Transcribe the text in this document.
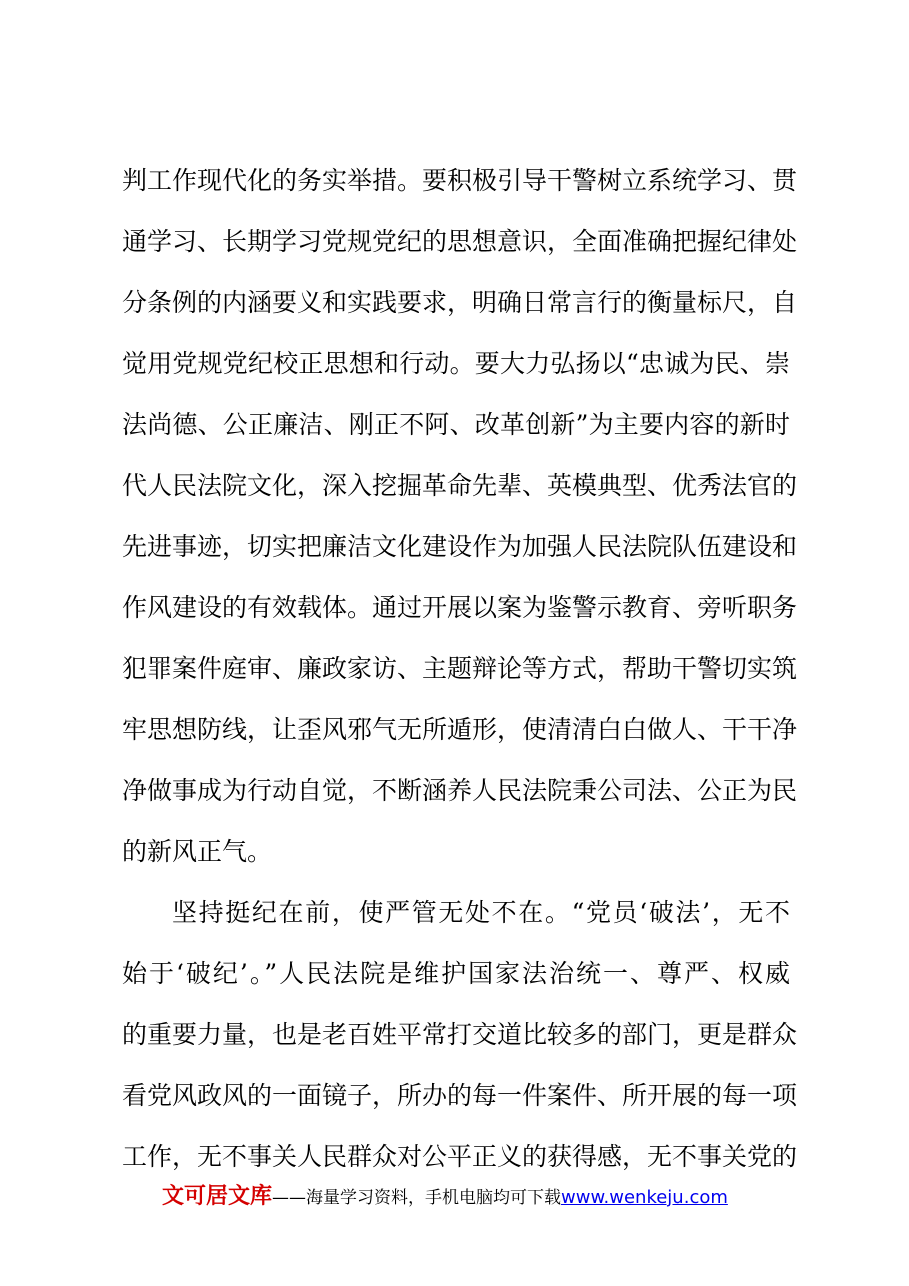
判工作现代化的务实举措。要积极引导干警树立系统学习、贯
通学习、长期学习党规党纪的思想意识，全面准确把握纪律处
分条例的内涵要义和实践要求，明确日常言行的衡量标尺，自
觉用党规党纪校正思想和行动。要大力弘扬以“忠诚为民、崇
法尚德、公正廉洁、刚正不阿、改革创新”为主要内容的新时
代人民法院文化，深入挖掘革命先辈、英模典型、优秀法官的
先进事迹，切实把廉洁文化建设作为加强人民法院队伍建设和
作风建设的有效载体。通过开展以案为鉴警示教育、旁听职务
犯罪案件庭审、廉政家访、主题辩论等方式，帮助干警切实筑
牢思想防线，让歪风邪气无所遁形，使清清白白做人、干干净
净做事成为行动自觉，不断涵养人民法院秉公司法、公正为民
的新风正气。
坚持挺纪在前，使严管无处不在。“党员‘破法’，无不
始于‘破纪’。”人民法院是维护国家法治统一、尊严、权威
的重要力量，也是老百姓平常打交道比较多的部门，更是群众
看党风政风的一面镜子，所办的每一件案件、所开展的每一项
工作，无不事关人民群众对公平正义的获得感，无不事关党的
文可居文库——海量学习资料，手机电脑均可下载www.wenkeju.com
